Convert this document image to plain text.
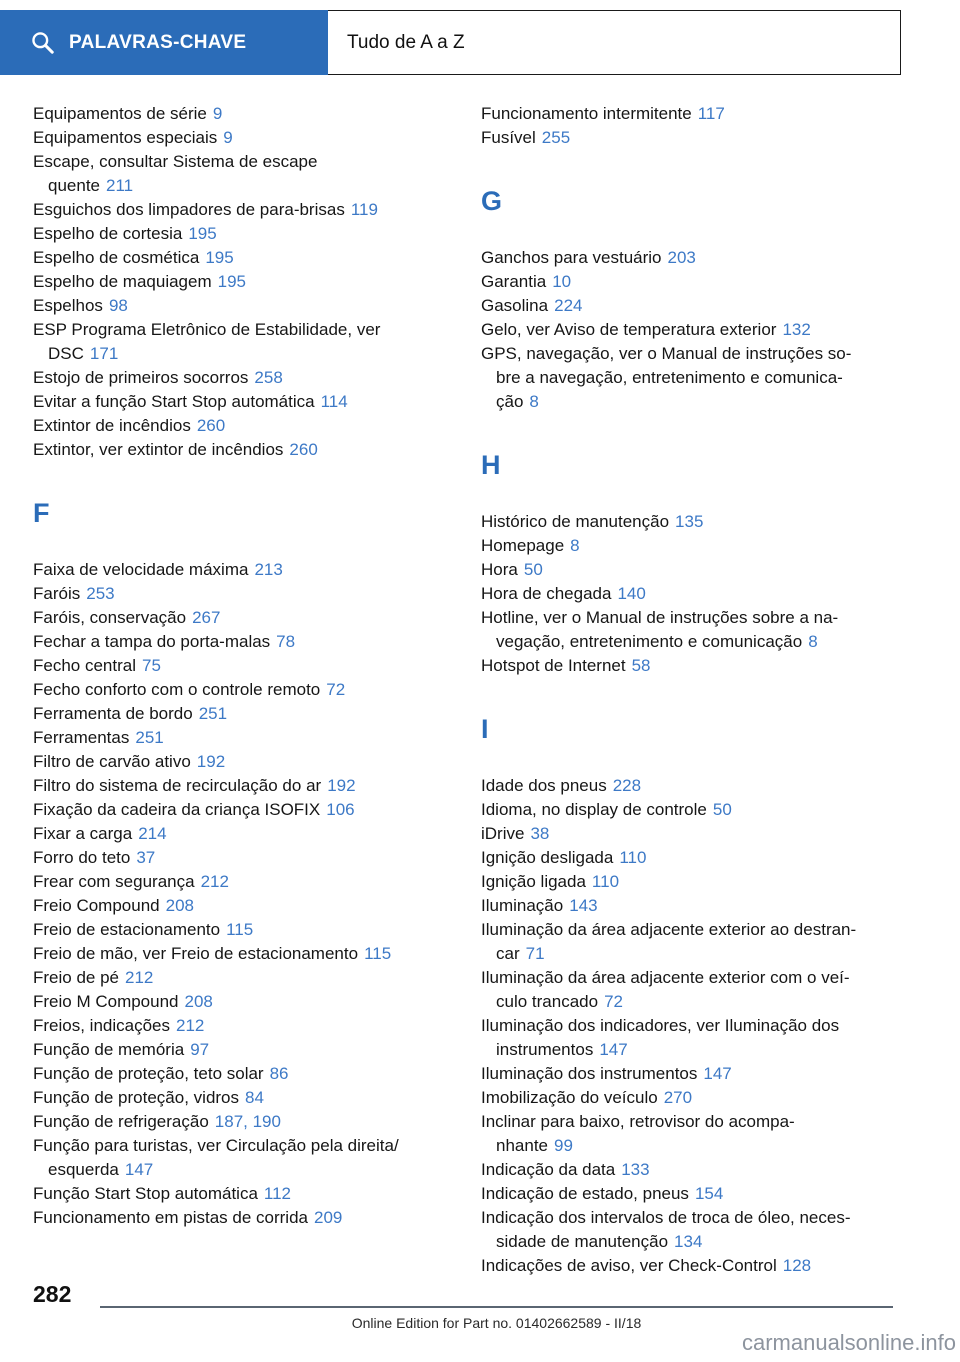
PALAVRAS-CHAVE	Tudo de A a Z
Equipamentos de série 9
Equipamentos especiais 9
Escape, consultar Sistema de escape
quente 211
Esguichos dos limpadores de para-brisas 119
Espelho de cortesia 195
Espelho de cosmética 195
Espelho de maquiagem 195
Espelhos 98
ESP Programa Eletrônico de Estabilidade, ver
DSC 171
Estojo de primeiros socorros 258
Evitar a função Start Stop automática 114
Extintor de incêndios 260
Extintor, ver extintor de incêndios 260
F
Faixa de velocidade máxima 213
Faróis 253
Faróis, conservação 267
Fechar a tampa do porta-malas 78
Fecho central 75
Fecho conforto com o controle remoto 72
Ferramenta de bordo 251
Ferramentas 251
Filtro de carvão ativo 192
Filtro do sistema de recirculação do ar 192
Fixação da cadeira da criança ISOFIX 106
Fixar a carga 214
Forro do teto 37
Frear com segurança 212
Freio Compound 208
Freio de estacionamento 115
Freio de mão, ver Freio de estacionamento 115
Freio de pé 212
Freio M Compound 208
Freios, indicações 212
Função de memória 97
Função de proteção, teto solar 86
Função de proteção, vidros 84
Função de refrigeração 187, 190
Função para turistas, ver Circulação pela direita/
esquerda 147
Função Start Stop automática 112
Funcionamento em pistas de corrida 209
Funcionamento intermitente 117
Fusível 255
G
Ganchos para vestuário 203
Garantia 10
Gasolina 224
Gelo, ver Aviso de temperatura exterior 132
GPS, navegação, ver o Manual de instruções so-
bre a navegação, entretenimento e comunica-
ção 8
H
Histórico de manutenção 135
Homepage 8
Hora 50
Hora de chegada 140
Hotline, ver o Manual de instruções sobre a na-
vegação, entretenimento e comunicação 8
Hotspot de Internet 58
I
Idade dos pneus 228
Idioma, no display de controle 50
iDrive 38
Ignição desligada 110
Ignição ligada 110
Iluminação 143
Iluminação da área adjacente exterior ao destran-
car 71
Iluminação da área adjacente exterior com o veí-
culo trancado 72
Iluminação dos indicadores, ver Iluminação dos
instrumentos 147
Iluminação dos instrumentos 147
Imobilização do veículo 270
Inclinar para baixo, retrovisor do acompa-
nhante 99
Indicação da data 133
Indicação de estado, pneus 154
Indicação dos intervalos de troca de óleo, neces-
sidade de manutenção 134
Indicações de aviso, ver Check-Control 128
282
Online Edition for Part no. 01402662589 - II/18
carmanualsonline.info
